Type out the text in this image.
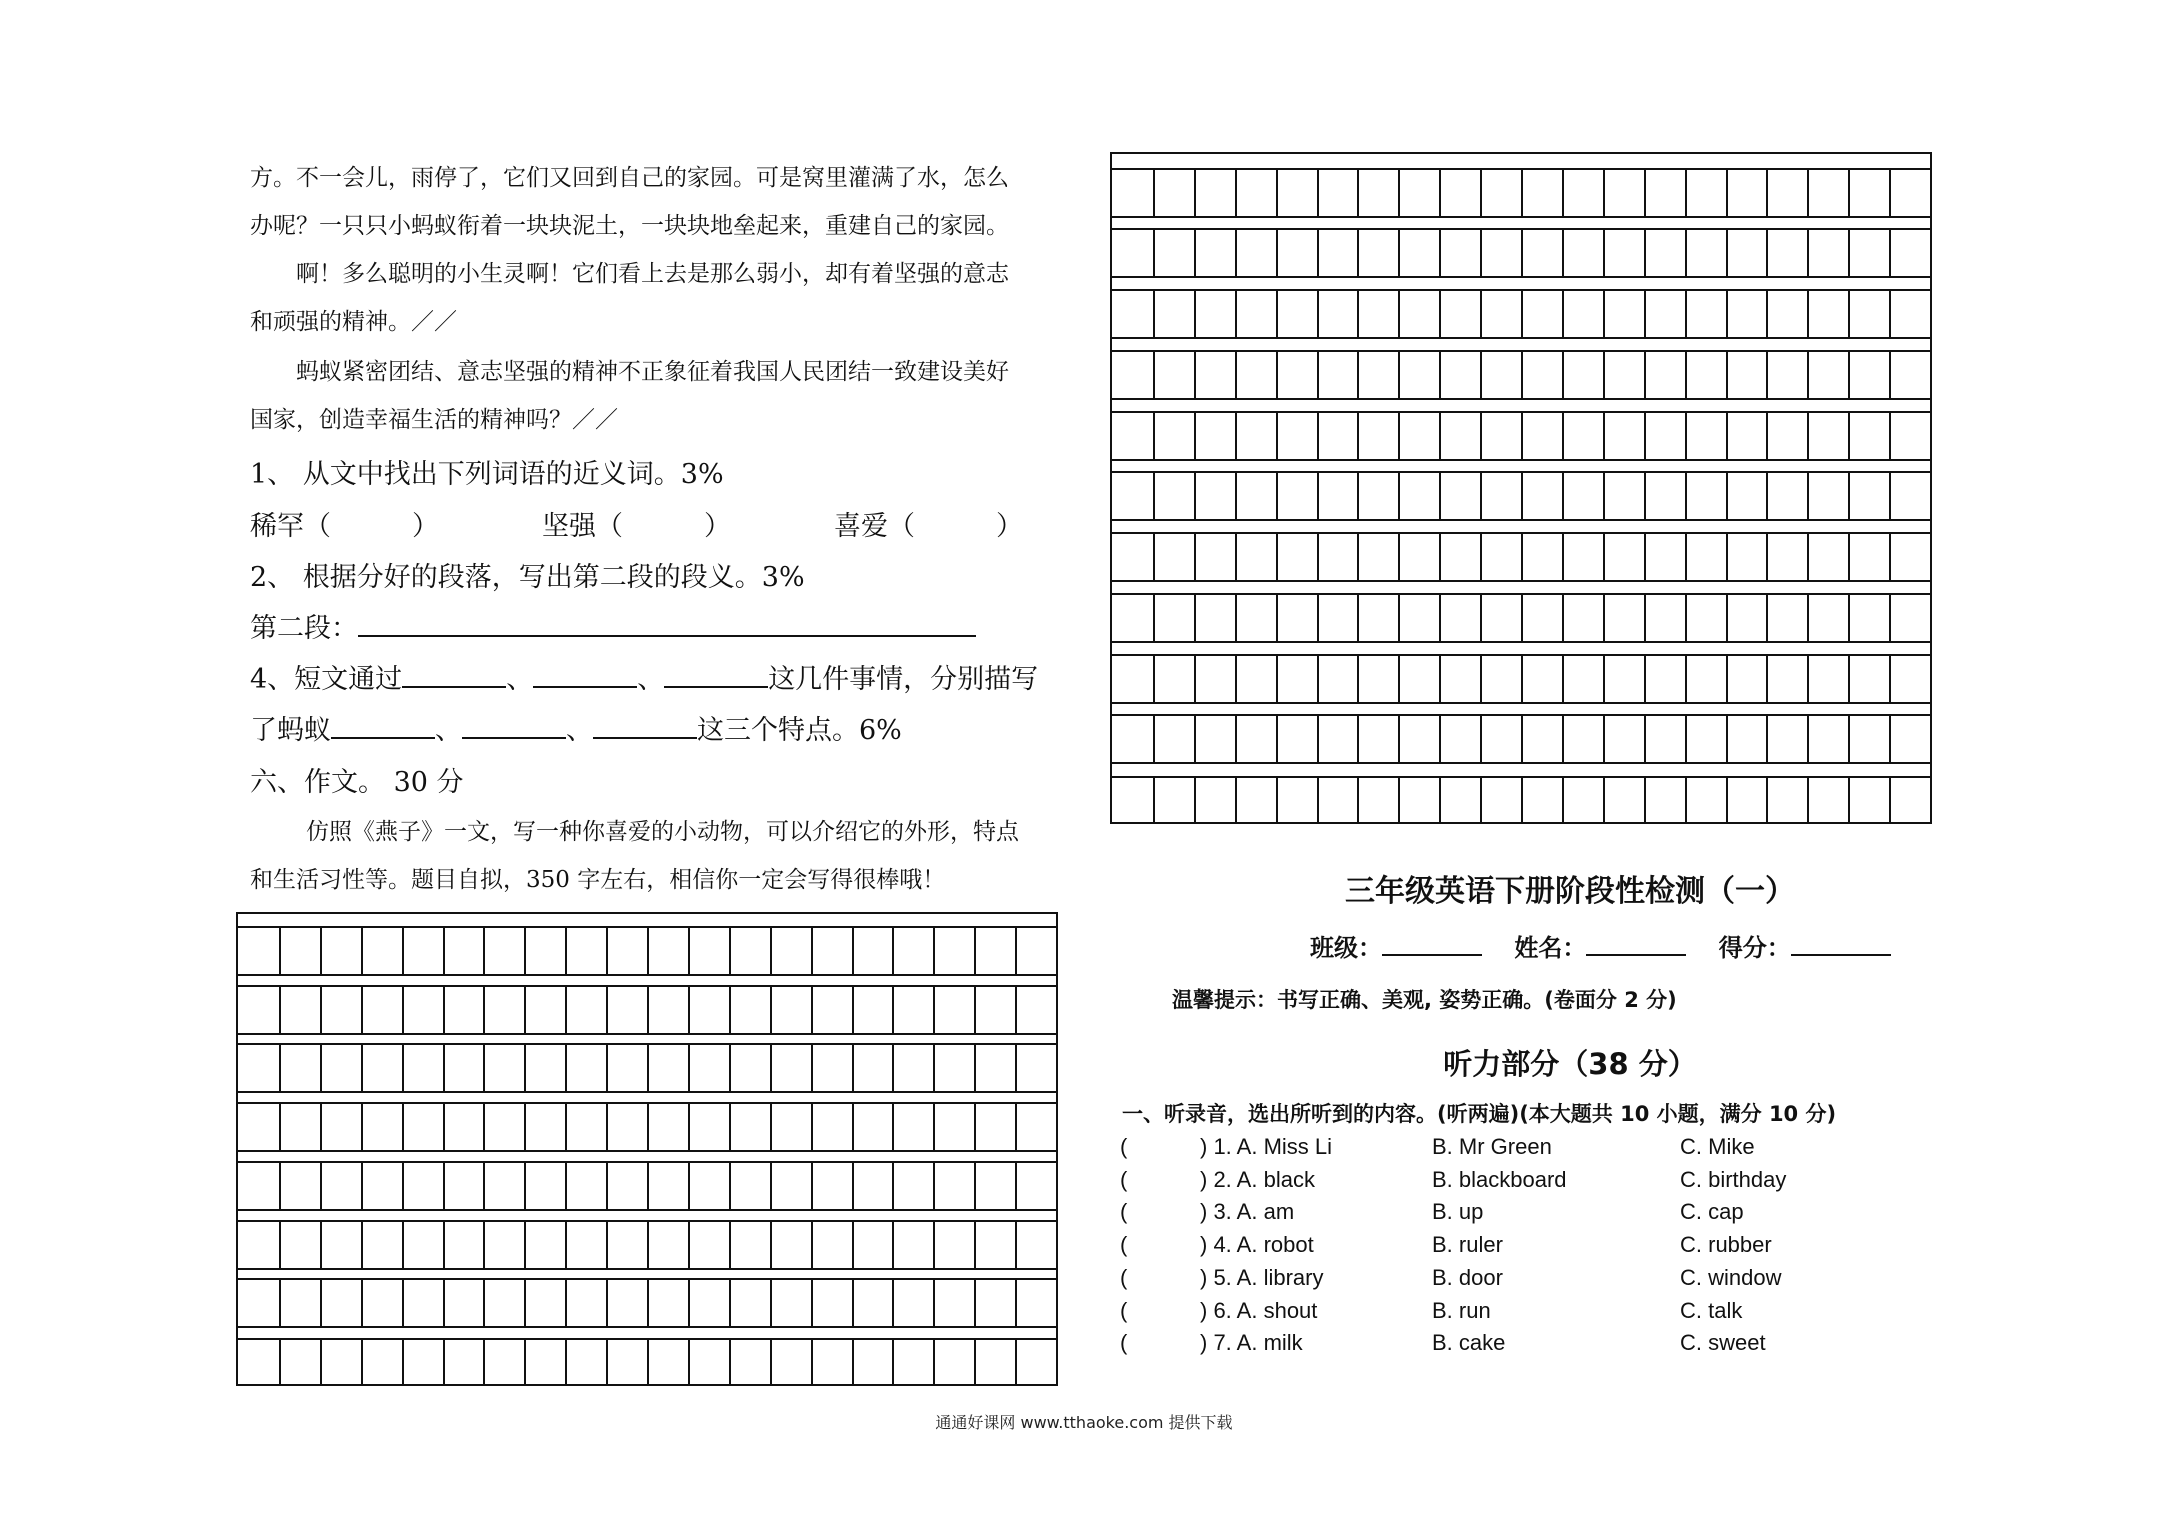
方。不一会儿，雨停了，它们又回到自己的家园。可是窝里灌满了水，怎么
办呢？一只只小蚂蚁衔着一块块泥土，一块块地垒起来，重建自己的家园。
啊！多么聪明的小生灵啊！它们看上去是那么弱小，却有着坚强的意志
和顽强的精神。／／
蚂蚁紧密团结、意志坚强的精神不正象征着我国人民团结一致建设美好
国家，创造幸福生活的精神吗？／／
1、 从文中找出下列词语的近义词。3%
稀罕（　　　）	坚强（　　　）	喜爱（　　　）
2、 根据分好的段落，写出第二段的段义。3%
第二段：
4、短文通过	、	、	这几件事情，分别描写
了蚂蚁	、	、	这三个特点。6%
六、作文。 30 分
仿照《燕子》一文，写一种你喜爱的小动物，可以介绍它的外形，特点
和生活习性等。题目自拟，350 字左右，相信你一定会写得很棒哦！	三年级英语下册阶段性检测（一）
班级：	姓名：	得分：
温馨提示：书写正确、美观, 姿势正确。(卷面分 2 分)
听力部分（38 分）
一、听录音，选出所听到的内容。(听两遍)(本大题共 10 小题，满分 10 分)
(	) 1. A. Miss Li	B. Mr Green	C. Mike
(	) 2. A. black	B. blackboard	C. birthday
(	) 3. A. am	B. up	C. cap
(	) 4. A. robot	B. ruler	C. rubber
(	) 5. A. library	B. door	C. window
(	) 6. A. shout	B. run	C. talk
(	) 7. A. milk	B. cake	C. sweet
通通好课网 www.tthaoke.com 提供下载
